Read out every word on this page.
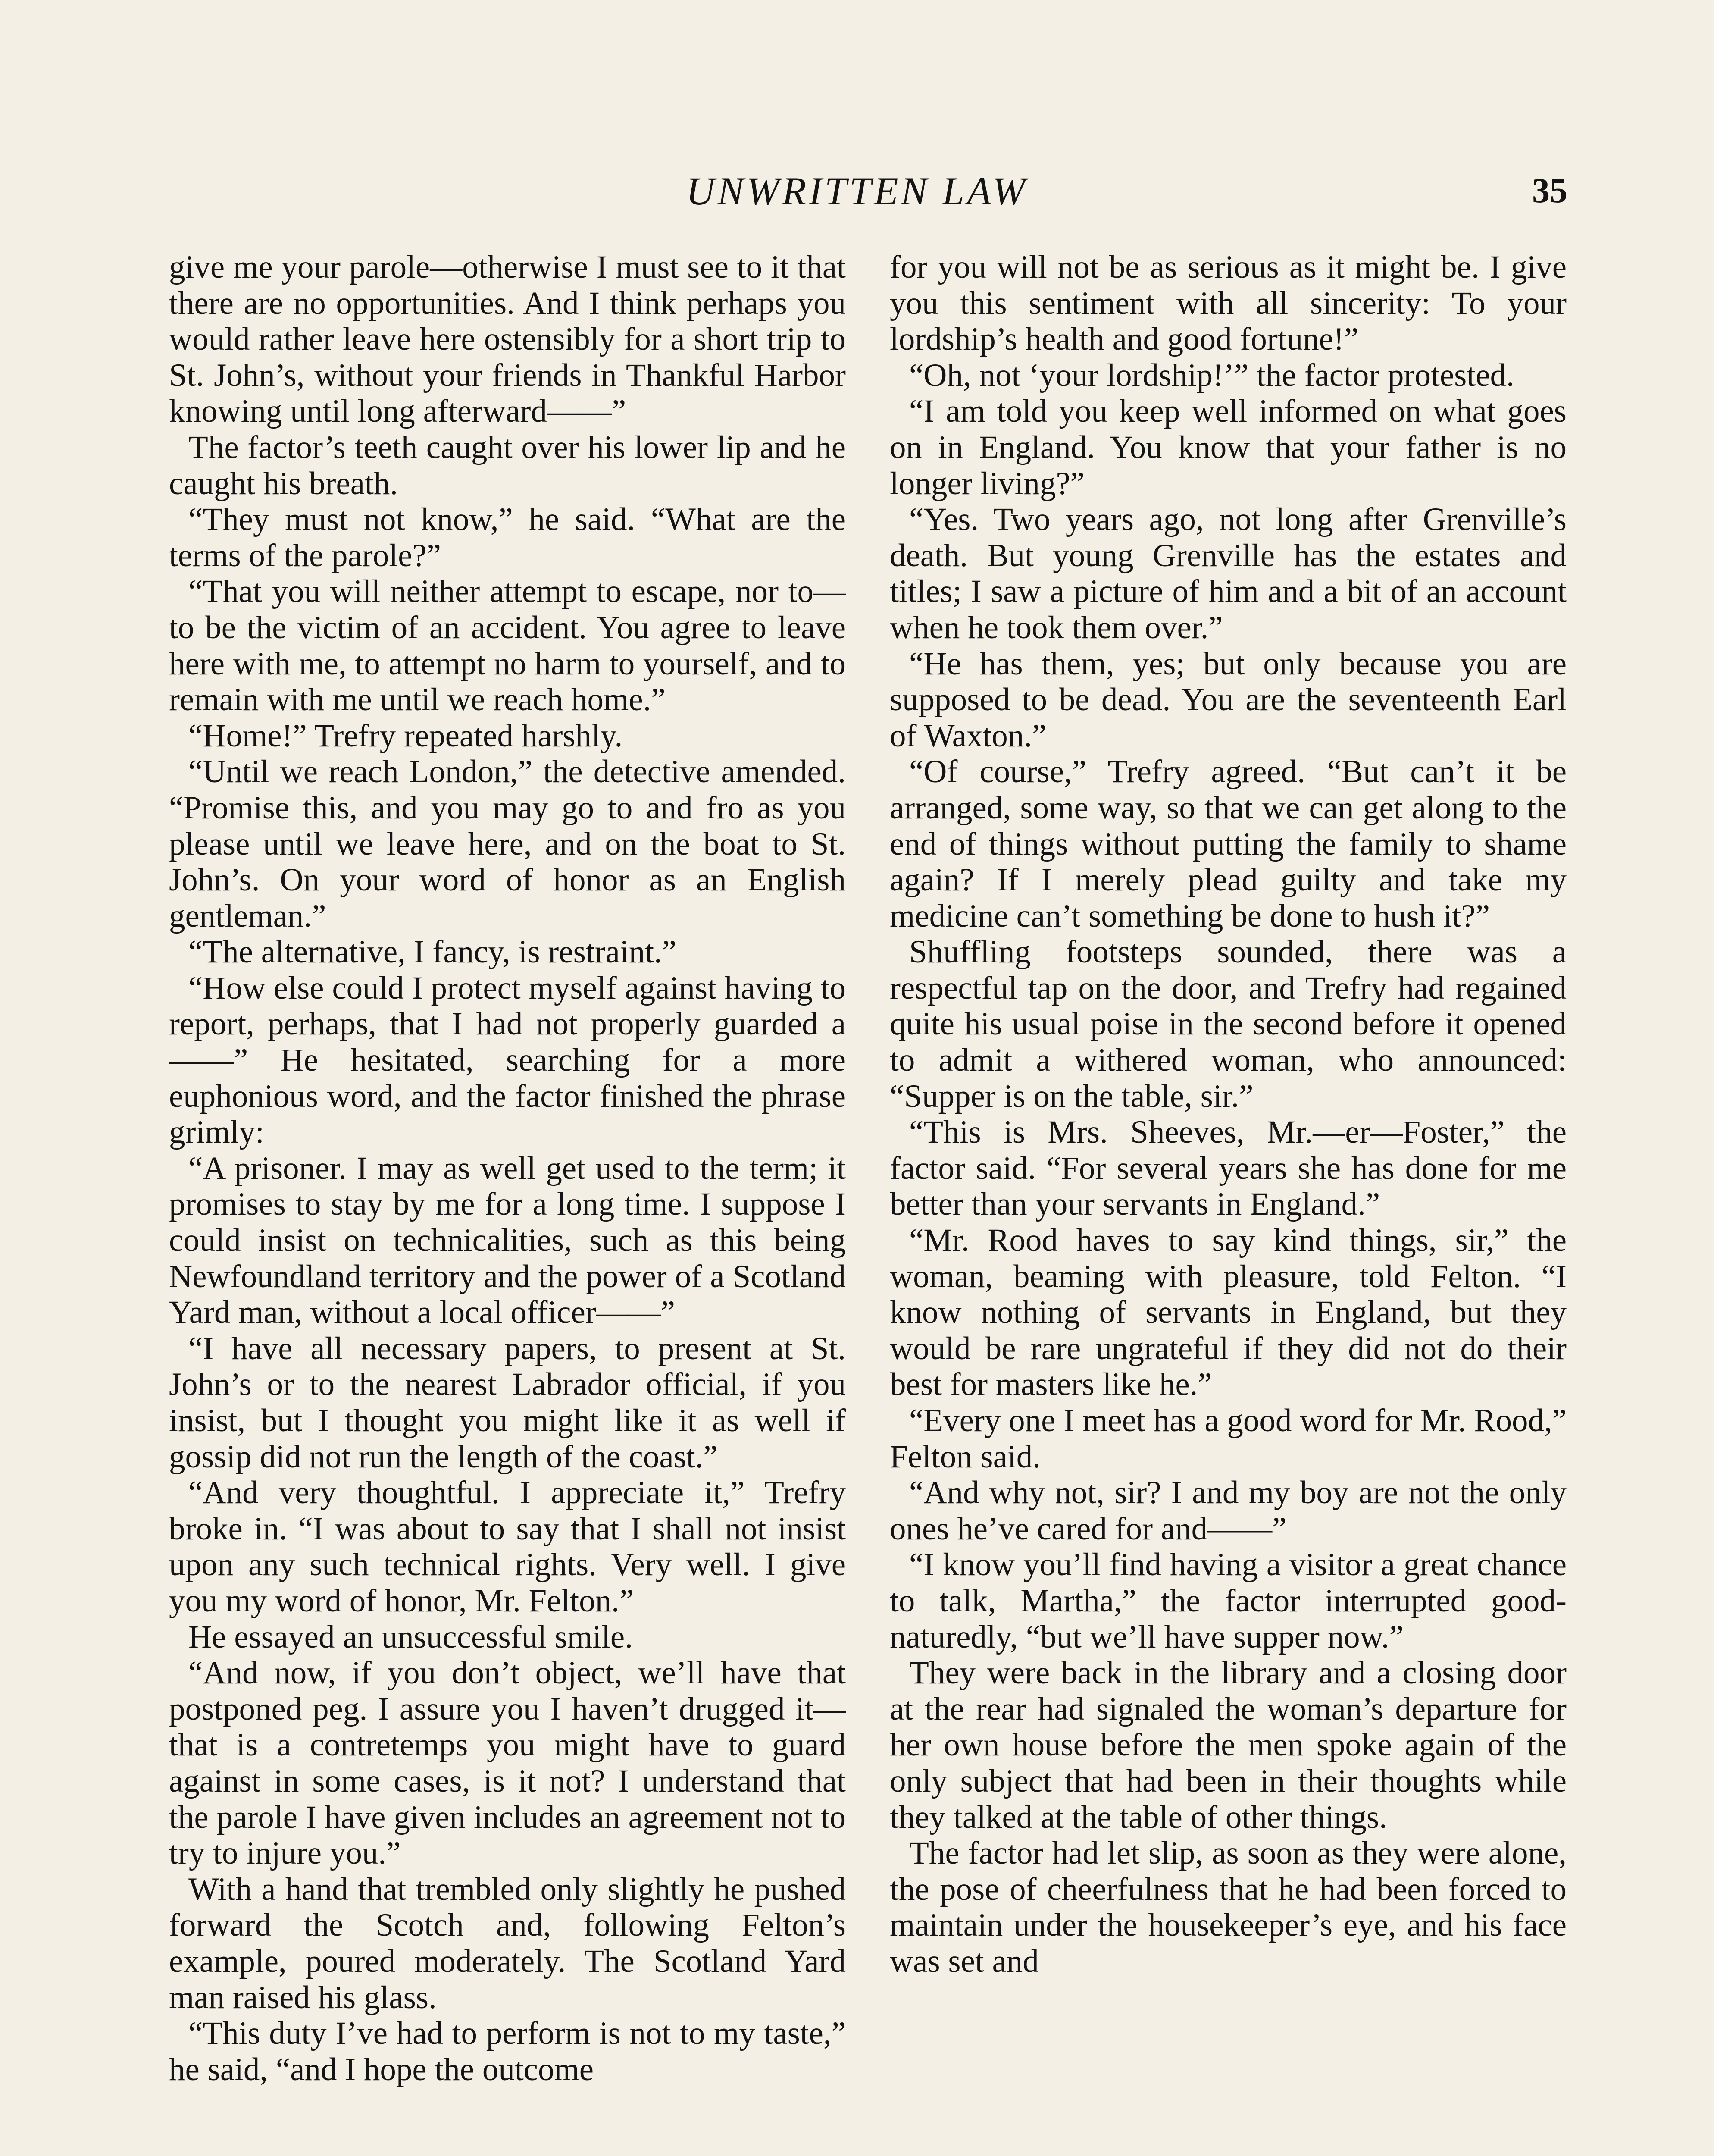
UNWRITTEN LAW	35

give me your parole—otherwise I must see to it that there are no opportunities. And I think perhaps you would rather leave here ostensibly for a short trip to St. John’s, without your friends in Thankful Harbor knowing until long afterward——”

The factor’s teeth caught over his lower lip and he caught his breath.

“They must not know,” he said. “What are the terms of the parole?”

“That you will neither attempt to escape, nor to—to be the victim of an accident. You agree to leave here with me, to attempt no harm to yourself, and to remain with me until we reach home.”

“Home!” Trefry repeated harshly.

“Until we reach London,” the detective amended. “Promise this, and you may go to and fro as you please until we leave here, and on the boat to St. John’s. On your word of honor as an English gentleman.”

“The alternative, I fancy, is restraint.”

“How else could I protect myself against having to report, perhaps, that I had not properly guarded a——” He hesitated, searching for a more euphonious word, and the factor finished the phrase grimly:

“A prisoner. I may as well get used to the term; it promises to stay by me for a long time. I suppose I could insist on technicalities, such as this being Newfoundland territory and the power of a Scotland Yard man, without a local officer——”

“I have all necessary papers, to present at St. John’s or to the nearest Labrador official, if you insist, but I thought you might like it as well if gossip did not run the length of the coast.”

“And very thoughtful. I appreciate it,” Trefry broke in. “I was about to say that I shall not insist upon any such technical rights. Very well. I give you my word of honor, Mr. Felton.”

He essayed an unsuccessful smile.

“And now, if you don’t object, we’ll have that postponed peg. I assure you I haven’t drugged it—that is a contretemps you might have to guard against in some cases, is it not? I understand that the parole I have given includes an agreement not to try to injure you.”

With a hand that trembled only slightly he pushed forward the Scotch and, following Felton’s example, poured moderately. The Scotland Yard man raised his glass.

“This duty I’ve had to perform is not to my taste,” he said, “and I hope the outcome

for you will not be as serious as it might be. I give you this sentiment with all sincerity: To your lordship’s health and good fortune!”

“Oh, not ‘your lordship!’” the factor protested.

“I am told you keep well informed on what goes on in England. You know that your father is no longer living?”

“Yes. Two years ago, not long after Grenville’s death. But young Grenville has the estates and titles; I saw a picture of him and a bit of an account when he took them over.”

“He has them, yes; but only because you are supposed to be dead. You are the seventeenth Earl of Waxton.”

“Of course,” Trefry agreed. “But can’t it be arranged, some way, so that we can get along to the end of things without putting the family to shame again? If I merely plead guilty and take my medicine can’t something be done to hush it?”

Shuffling footsteps sounded, there was a respectful tap on the door, and Trefry had regained quite his usual poise in the second before it opened to admit a withered woman, who announced: “Supper is on the table, sir.”

“This is Mrs. Sheeves, Mr.—er—Foster,” the factor said. “For several years she has done for me better than your servants in England.”

“Mr. Rood haves to say kind things, sir,” the woman, beaming with pleasure, told Felton. “I know nothing of servants in England, but they would be rare ungrateful if they did not do their best for masters like he.”

“Every one I meet has a good word for Mr. Rood,” Felton said.

“And why not, sir? I and my boy are not the only ones he’ve cared for and——”

“I know you’ll find having a visitor a great chance to talk, Martha,” the factor interrupted good-naturedly, “but we’ll have supper now.”

They were back in the library and a closing door at the rear had signaled the woman’s departure for her own house before the men spoke again of the only subject that had been in their thoughts while they talked at the table of other things.

The factor had let slip, as soon as they were alone, the pose of cheerfulness that he had been forced to maintain under the housekeeper’s eye, and his face was set and
